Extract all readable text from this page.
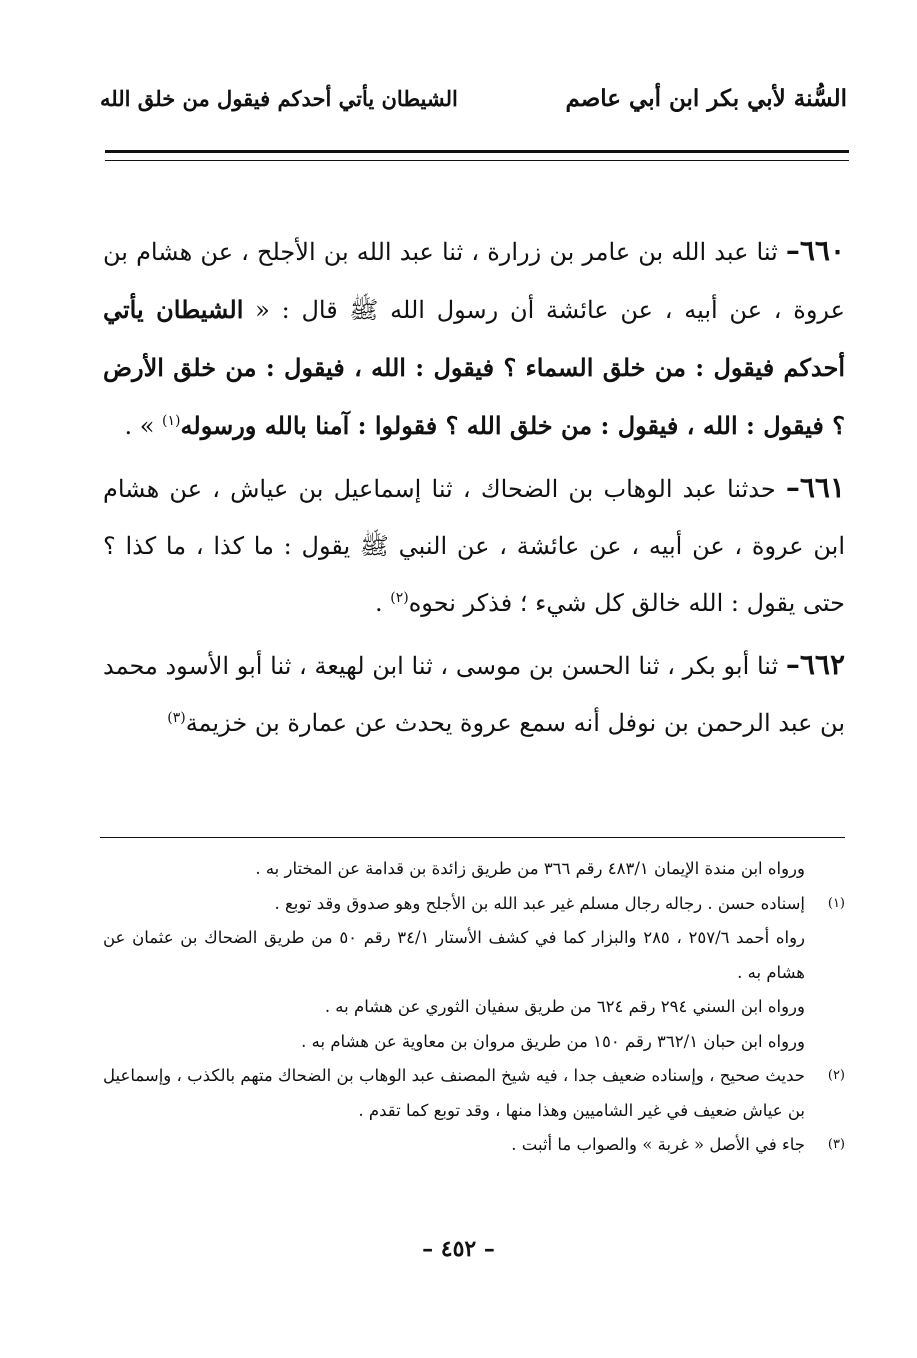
السُّنة لأبي بكر ابن أبي عاصم
الشيطان يأتي أحدكم فيقول من خلق الله

٦٦٠– ثنا عبد الله بن عامر بن زرارة ، ثنا عبد الله بن الأجلح ، عن هشام بن عروة ، عن أبيه ، عن عائشة أن رسول الله ﷺ قال : « الشيطان يأتي أحدكم فيقول : من خلق السماء ؟ فيقول : الله ، فيقول : من خلق الأرض ؟ فيقول : الله ، فيقول : من خلق الله ؟ فقولوا : آمنا بالله ورسوله$^{(١)}$ » .

٦٦١– حدثنا عبد الوهاب بن الضحاك ، ثنا إسماعيل بن عياش ، عن هشام ابن عروة ، عن أبيه ، عن عائشة ، عن النبي ﷺ يقول : ما كذا ، ما كذا ؟ حتى يقول : الله خالق كل شيء ؛ فذكر نحوه$^{(٢)}$ .

٦٦٢– ثنا أبو بكر ، ثنا الحسن بن موسى ، ثنا ابن لهيعة ، ثنا أبو الأسود محمد بن عبد الرحمن بن نوفل أنه سمع عروة يحدث عن عمارة بن خزيمة$^{(٣)}$

ورواه ابن مندة الإيمان ٤٨٣/١ رقم ٣٦٦ من طريق زائدة بن قدامة عن المختار به .
(١)
إسناده حسن . رجاله رجال مسلم غير عبد الله بن الأجلح وهو صدوق وقد توبع .
رواه أحمد ٢٥٧/٦ ، ٢٨٥ والبزار كما في كشف الأستار ٣٤/١ رقم ٥٠ من طريق الضحاك بن عثمان عن هشام به .
ورواه ابن السني ٢٩٤ رقم ٦٢٤ من طريق سفيان الثوري عن هشام به .
ورواه ابن حبان ٣٦٢/١ رقم ١٥٠ من طريق مروان بن معاوية عن هشام به .
(٢)
حديث صحيح ، وإسناده ضعيف جدا ، فيه شيخ المصنف عبد الوهاب بن الضحاك متهم بالكذب ، وإسماعيل بن عياش ضعيف في غير الشاميين وهذا منها ، وقد توبع كما تقدم .
(٣)
جاء في الأصل « غربة » والصواب ما أثبت .
– ٤٥٢ –
